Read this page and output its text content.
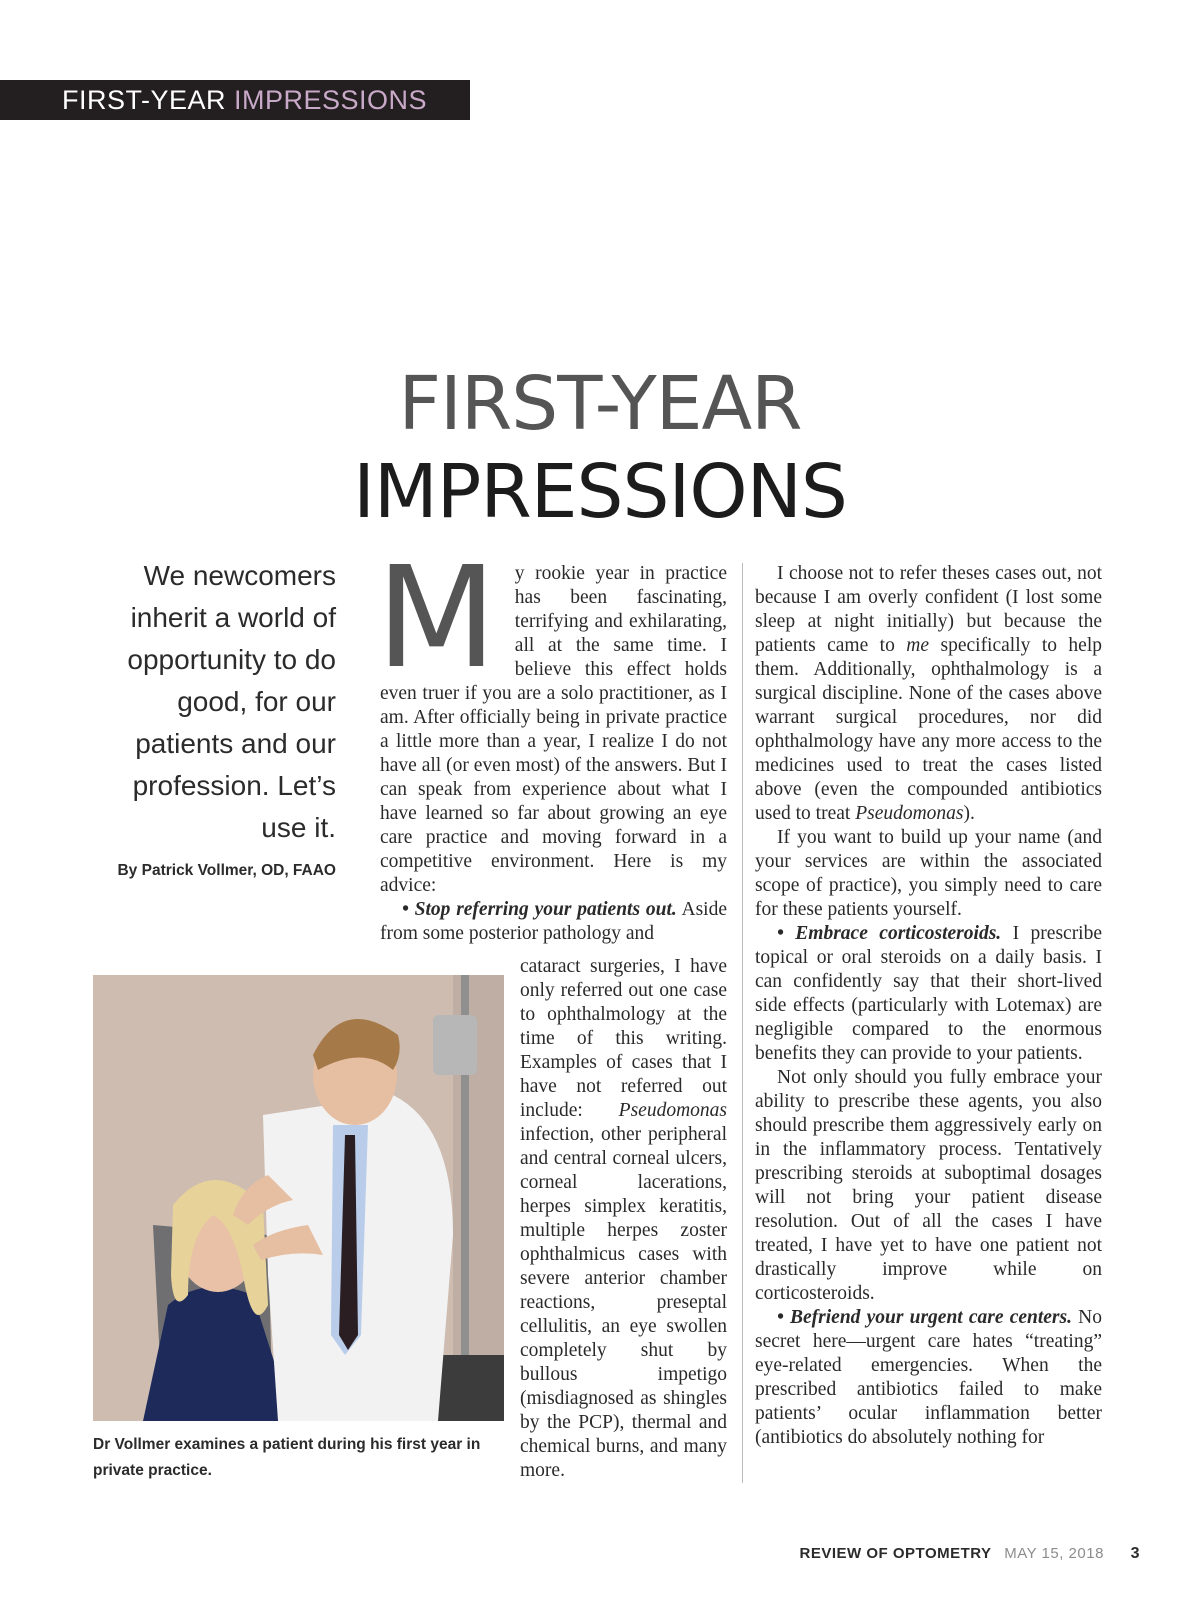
FIRST-YEAR IMPRESSIONS
FIRST-YEAR
IMPRESSIONS
We newcomers inherit a world of opportunity to do good, for our patients and our profession. Let’s use it.
By Patrick Vollmer, OD, FAAO
Dr Vollmer examines a patient during his first year in private practice.
M y rookie year in practice has been fascinating, terrifying and exhilarating, all at the same time. I believe this effect holds even truer if you are a solo practitioner, as I am. After officially being in private practice a little more than a year, I realize I do not have all (or even most) of the answers. But I can speak from experience about what I have learned so far about growing an eye care practice and moving forward in a competitive environment. Here is my advice:

• Stop referring your patients out. Aside from some posterior pathology and

cataract surgeries, I have only referred out one case to ophthalmology at the time of this writing. Examples of cases that I have not referred out include: Pseudomonas infection, other peripheral and central corneal ulcers, corneal lacerations, herpes simplex keratitis, multiple herpes zoster ophthalmicus cases with severe anterior chamber reactions, preseptal cellulitis, an eye swollen completely shut by bullous impetigo (misdiagnosed as shingles by the PCP), thermal and chemical burns, and many more.

I choose not to refer theses cases out, not because I am overly confident (I lost some sleep at night initially) but because the patients came to me specifically to help them. Additionally, ophthalmology is a surgical discipline. None of the cases above warrant surgical procedures, nor did ophthalmology have any more access to the medicines used to treat the cases listed above (even the compounded antibiotics used to treat Pseudomonas).

If you want to build up your name (and your services are within the associated scope of practice), you simply need to care for these patients yourself.

• Embrace corticosteroids. I prescribe topical or oral steroids on a daily basis. I can confidently say that their short-lived side effects (particularly with Lotemax) are negligible compared to the enormous benefits they can provide to your patients.

Not only should you fully embrace your ability to prescribe these agents, you also should prescribe them aggressively early on in the inflammatory process. Tentatively prescribing steroids at suboptimal dosages will not bring your patient disease resolution. Out of all the cases I have treated, I have yet to have one patient not drastically improve while on corticosteroids.

• Befriend your urgent care centers. No secret here—urgent care hates “treating” eye-related emergencies. When the prescribed antibiotics failed to make patients’ ocular inflammation better (antibiotics do absolutely nothing for

REVIEW OF OPTOMETRY MAY 15, 2018 3
